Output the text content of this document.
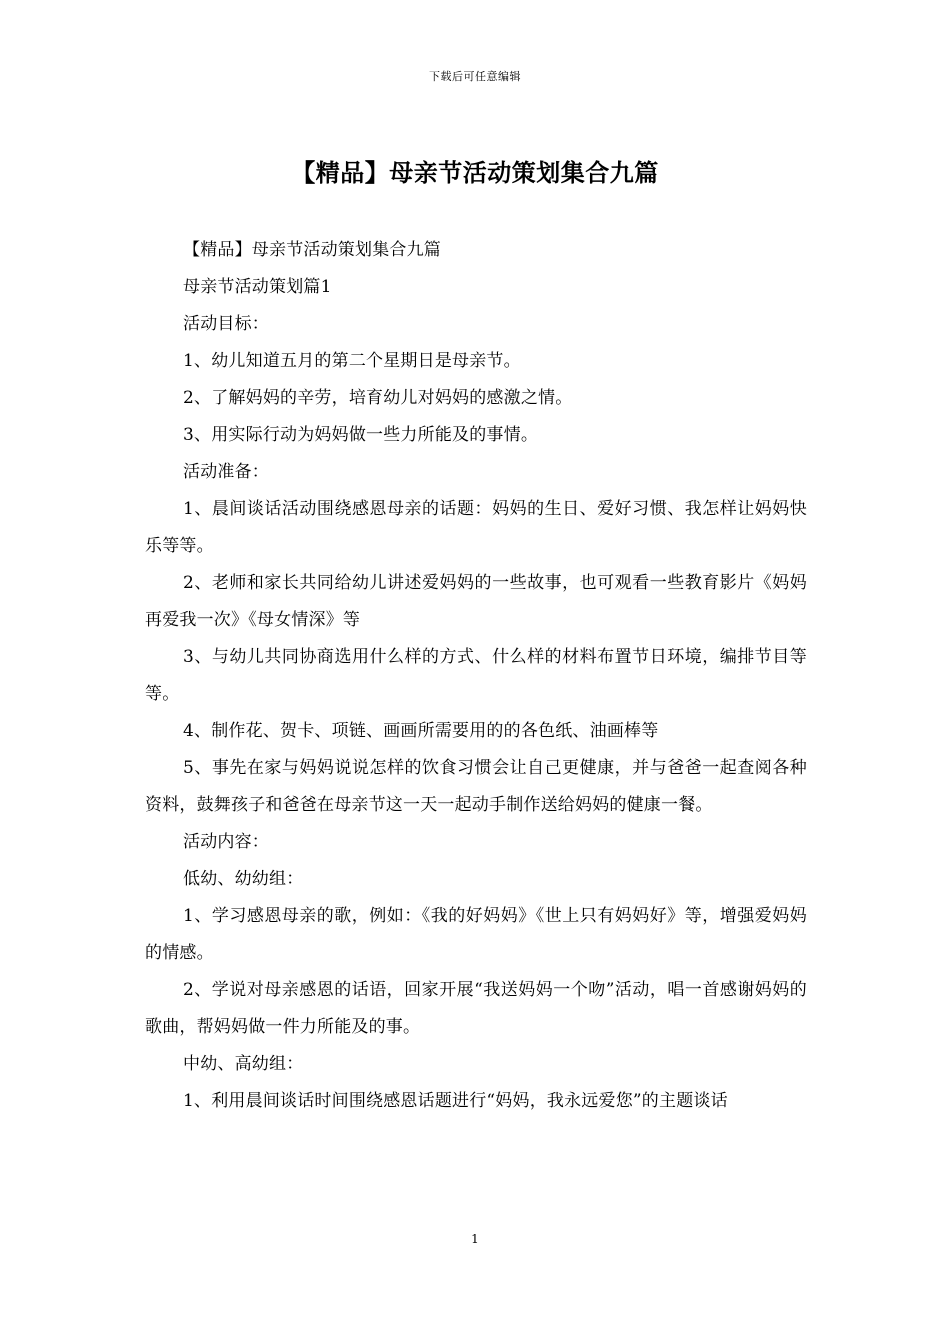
下载后可任意编辑
【精品】母亲节活动策划集合九篇

【精品】母亲节活动策划集合九篇

母亲节活动策划篇1

活动目标：

1、幼儿知道五月的第二个星期日是母亲节。

2、了解妈妈的辛劳，培育幼儿对妈妈的感激之情。

3、用实际行动为妈妈做一些力所能及的事情。

活动准备：

1、晨间谈话活动围绕感恩母亲的话题：妈妈的生日、爱好习惯、我怎样让妈妈快乐等等。

2、老师和家长共同给幼儿讲述爱妈妈的一些故事，也可观看一些教育影片《妈妈再爱我一次》《母女情深》等

3、与幼儿共同协商选用什么样的方式、什么样的材料布置节日环境，编排节目等等。

4、制作花、贺卡、项链、画画所需要用的的各色纸、油画棒等

5、事先在家与妈妈说说怎样的饮食习惯会让自己更健康，并与爸爸一起查阅各种资料，鼓舞孩子和爸爸在母亲节这一天一起动手制作送给妈妈的健康一餐。

活动内容：

低幼、幼幼组：

1、学习感恩母亲的歌，例如：《我的好妈妈》《世上只有妈妈好》等，增强爱妈妈的情感。

2、学说对母亲感恩的话语，回家开展“我送妈妈一个吻”活动，唱一首感谢妈妈的歌曲，帮妈妈做一件力所能及的事。

中幼、高幼组：

1、利用晨间谈话时间围绕感恩话题进行“妈妈，我永远爱您”的主题谈话

1
